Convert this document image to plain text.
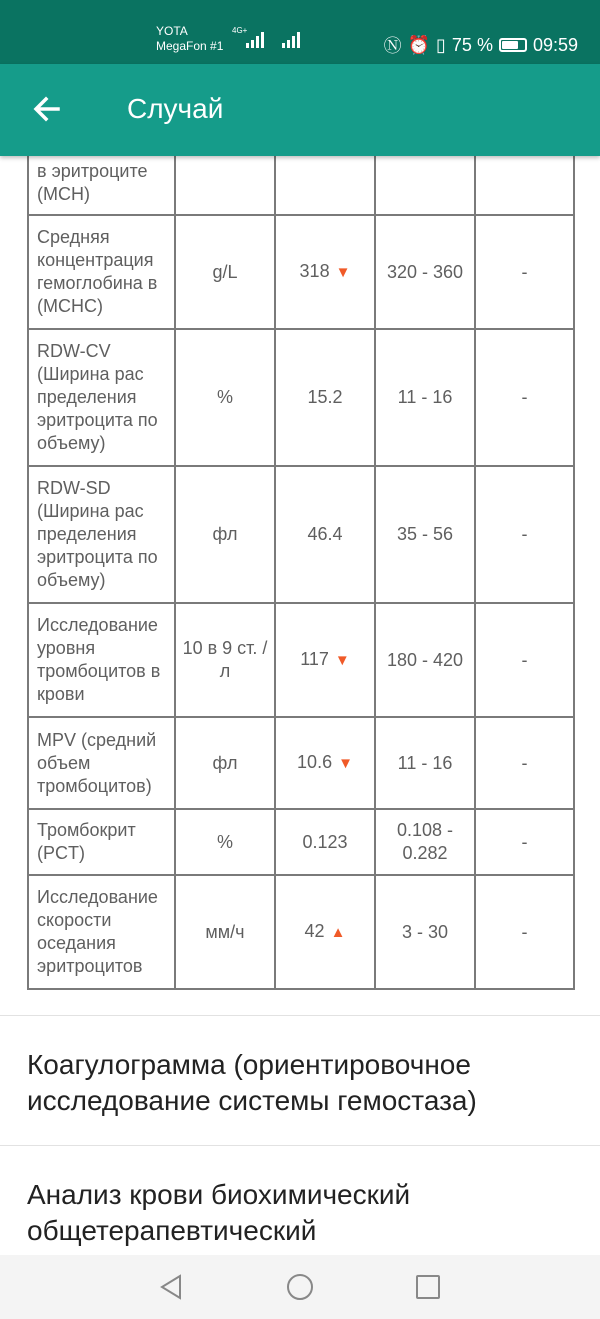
YOTA
MegaFon #1
4G+
Ⓝ ⏰ ▯ 75 % 09:59
Случай
в эритроците (MCH)				
Средняя концентрация гемоглобина в (MCHC)	g/L	318 ▼	320 - 360	-
RDW-CV (Ширина рас пределения эритроцита по объему)	%	15.2	11 - 16	-
RDW-SD (Ширина рас пределения эритроцита по объему)	фл	46.4	35 - 56	-
Исследование уровня тромбоцитов в крови	10 в 9 ст. / л	117 ▼	180 - 420	-
MPV (средний объем тромбоцитов)	фл	10.6 ▼	11 - 16	-
Тромбокрит (PCT)	%	0.123	0.108 - 0.282	-
Исследование скорости оседания эритроцитов	мм/ч	42 ▲	3 - 30	-
Коагулограмма (ориентировочное исследование системы гемостаза)
Анализ крови биохимический общетерапевтический
